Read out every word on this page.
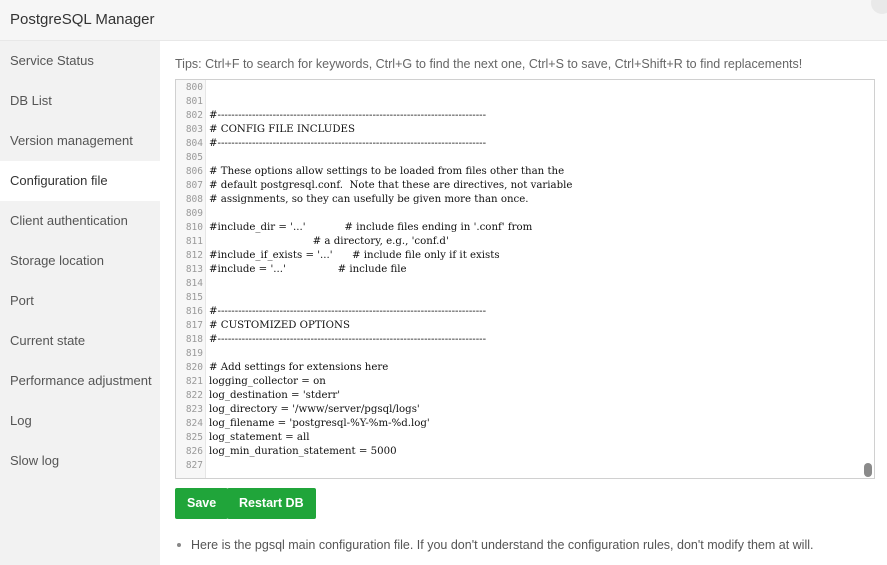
PostgreSQL Manager
Service Status
DB List
Version management
Configuration file
Client authentication
Storage location
Port
Current state
Performance adjustment
Log
Slow log
Tips: Ctrl+F to search for keywords, Ctrl+G to find the next one, Ctrl+S to save, Ctrl+Shift+R to find replacements!
800
801
802 #------------------------------------------------------------------------------
803 # CONFIG FILE INCLUDES
804 #------------------------------------------------------------------------------
805
806 # These options allow settings to be loaded from files other than the
807 # default postgresql.conf.  Note that these are directives, not variable
808 # assignments, so they can usefully be given more than once.
809
810 #include_dir = '...'            # include files ending in '.conf' from
811 # a directory, e.g., 'conf.d'
812 #include_if_exists = '...'      # include file only if it exists
813 #include = '...'                # include file
814
815
816 #------------------------------------------------------------------------------
817 # CUSTOMIZED OPTIONS
818 #------------------------------------------------------------------------------
819
820 # Add settings for extensions here
821 logging_collector = on
822 log_destination = 'stderr'
823 log_directory = '/www/server/pgsql/logs'
824 log_filename = 'postgresql-%Y-%m-%d.log'
825 log_statement = all
826 log_min_duration_statement = 5000
827
Save	Restart DB
Here is the pgsql main configuration file. If you don't understand the configuration rules, don't modify them at will.
